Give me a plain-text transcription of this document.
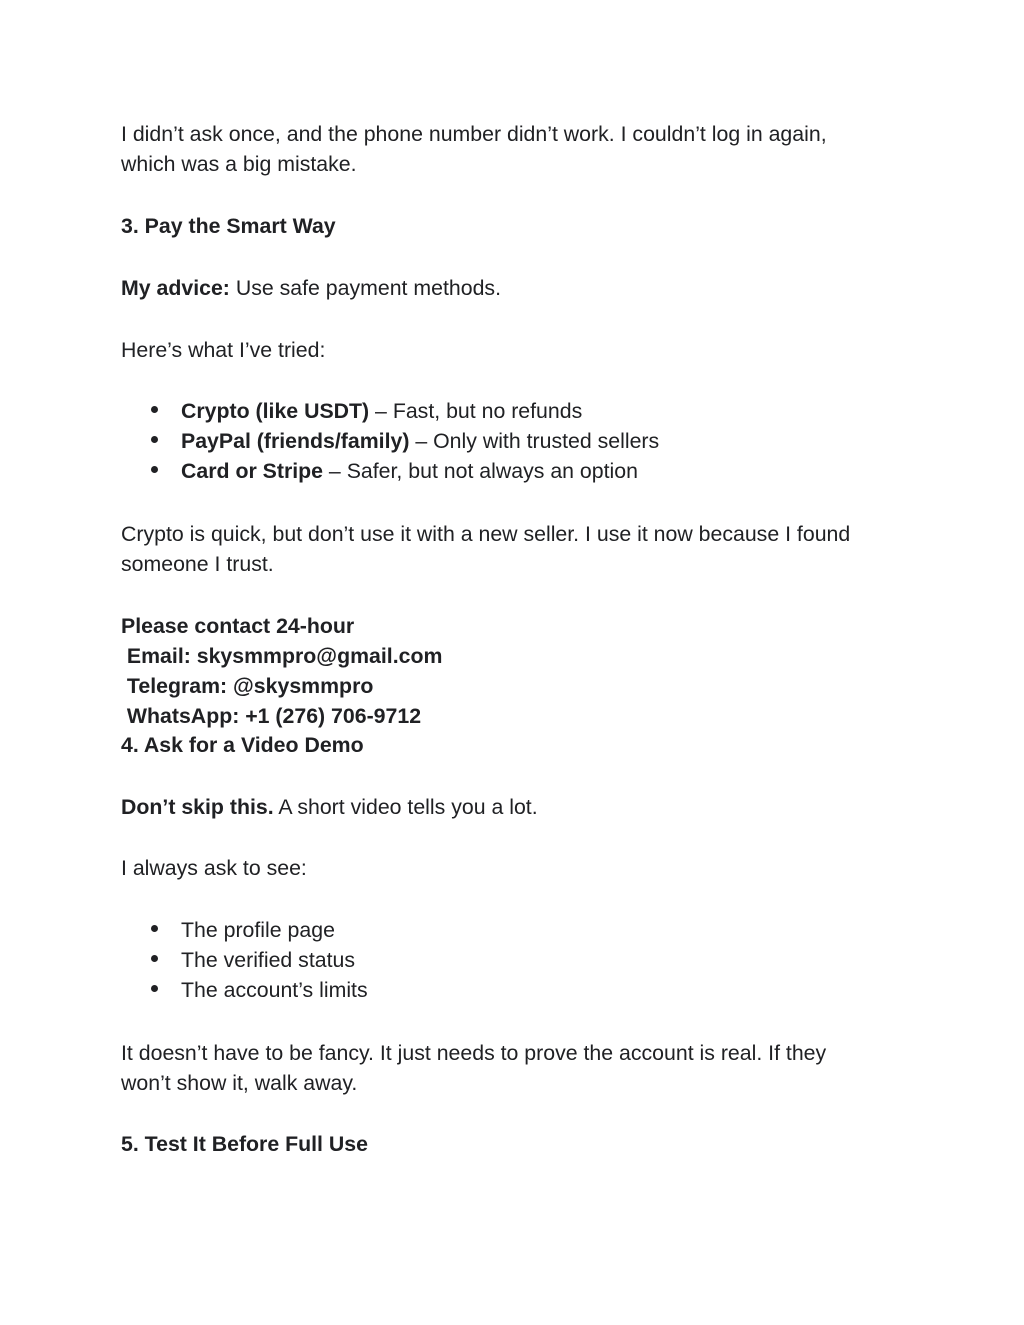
I didn’t ask once, and the phone number didn’t work. I couldn’t log in again,
which was a big mistake.
3. Pay the Smart Way
My advice: Use safe payment methods.
Here’s what I’ve tried:
Crypto (like USDT) – Fast, but no refunds
PayPal (friends/family) – Only with trusted sellers
Card or Stripe – Safer, but not always an option
Crypto is quick, but don’t use it with a new seller. I use it now because I found
someone I trust.
Please contact 24-hour
Email: skysmmpro@gmail.com
Telegram: @skysmmpro
WhatsApp: +1 (276) 706-9712
4. Ask for a Video Demo
Don’t skip this. A short video tells you a lot.
I always ask to see:
The profile page
The verified status
The account’s limits
It doesn’t have to be fancy. It just needs to prove the account is real. If they
won’t show it, walk away.
5. Test It Before Full Use
